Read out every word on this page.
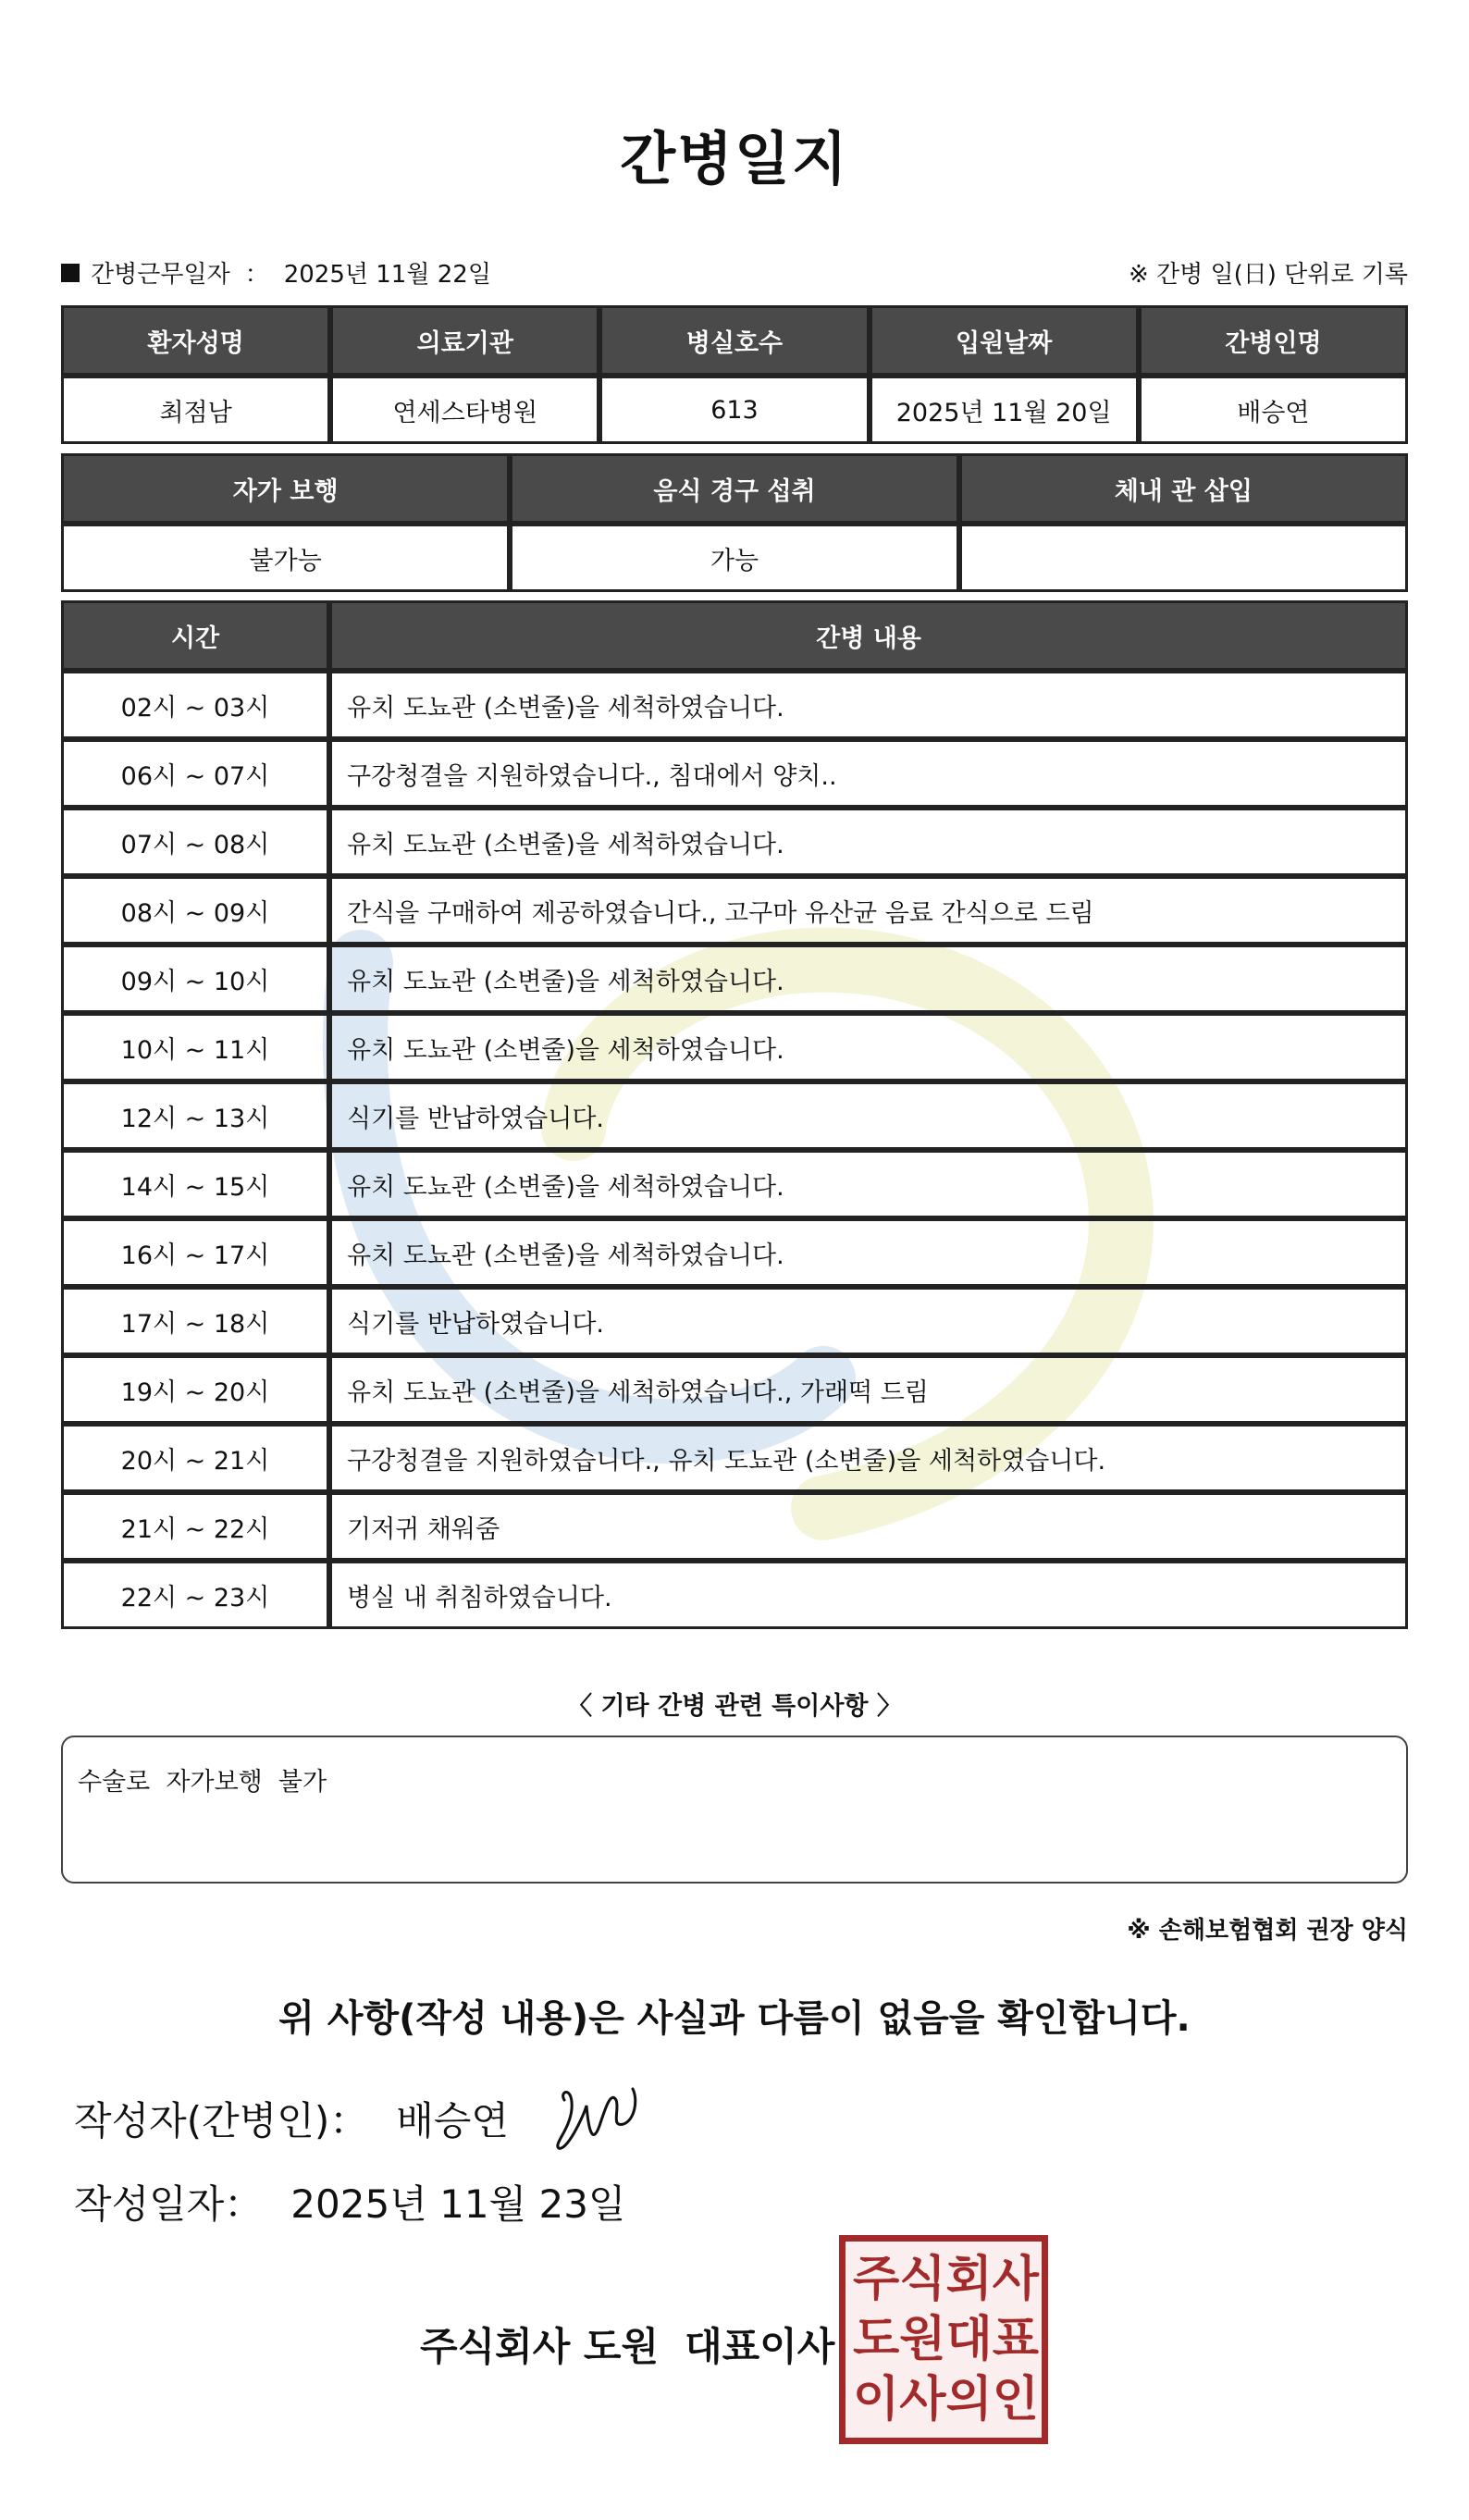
간병일지
간병근무일자 ： 2025년 11월 22일	※ 간병 일(日) 단위로 기록
환자성명	의료기관	병실호수	입원날짜	간병인명
최점남	연세스타병원	613	2025년 11월 20일	배승연
자가 보행	음식 경구 섭취	체내 관 삽입
불가능	가능	
시간	간병 내용
02시 ~ 03시	유치 도뇨관 (소변줄)을 세척하였습니다.
06시 ~ 07시	구강청결을 지원하였습니다., 침대에서 양치..
07시 ~ 08시	유치 도뇨관 (소변줄)을 세척하였습니다.
08시 ~ 09시	간식을 구매하여 제공하였습니다., 고구마 유산균 음료 간식으로 드림
09시 ~ 10시	유치 도뇨관 (소변줄)을 세척하였습니다.
10시 ~ 11시	유치 도뇨관 (소변줄)을 세척하였습니다.
12시 ~ 13시	식기를 반납하였습니다.
14시 ~ 15시	유치 도뇨관 (소변줄)을 세척하였습니다.
16시 ~ 17시	유치 도뇨관 (소변줄)을 세척하였습니다.
17시 ~ 18시	식기를 반납하였습니다.
19시 ~ 20시	유치 도뇨관 (소변줄)을 세척하였습니다., 가래떡 드림
20시 ~ 21시	구강청결을 지원하였습니다., 유치 도뇨관 (소변줄)을 세척하였습니다.
21시 ~ 22시	기저귀 채워줌
22시 ~ 23시	병실 내 취침하였습니다.
〈 기타 간병 관련 특이사항 〉
수술로  자가보행  불가
※ 손해보험협회 권장 양식
위 사항(작성 내용)은 사실과 다름이 없음을 확인합니다.
작성자(간병인)： 배승연
작성일자： 2025년 11월 23일
주식회사 도원 대표이사
주 식 회 사
도 원 대 표
이 사 의 인
